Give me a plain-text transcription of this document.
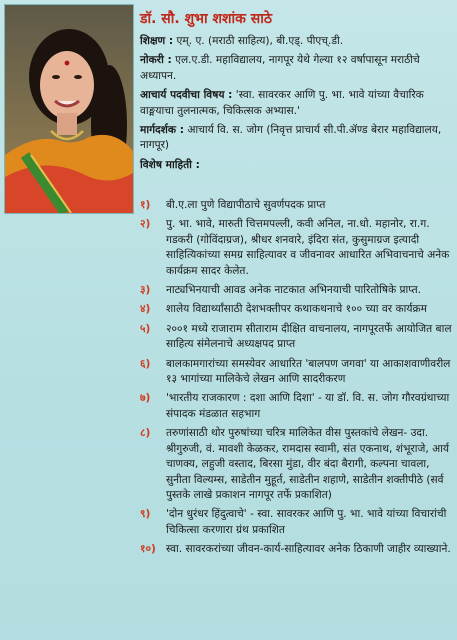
डॉ. सौ. शुभा शशांक साठे
शिक्षण : एम्. ए. (मराठी साहित्य), बी.एड्. पीएच्.डी.
नोकरी : एल.ए.डी. महाविद्यालय, नागपूर येथे गेल्या १२ वर्षापासून मराठीचे अध्यापन.
आचार्य पदवीचा विषय : 'स्वा. सावरकर आणि पु. भा. भावे यांच्या वैचारिक वाङ्मयाचा तुलनात्मक, चिकित्सक अभ्यास.'
मार्गदर्शक : आचार्य वि. स. जोग (निवृत्त प्राचार्य सी.पी.ॲण्ड बेरार महाविद्यालय, नागपूर)
विशेष माहिती :
१)	बी.ए.ला पुणे विद्यापीठाचे सुवर्णपदक प्राप्त
२)	पु. भा. भावे, मारुती चित्तमपल्ली, कवी अनिल, ना.धो. महानोर, रा.ग. गडकरी (गोविंदाग्रज), श्रीधर शनवारे, इंदिरा संत, कुसुमाग्रज इत्यादी साहित्यिकांच्या समग्र साहित्यावर व जीवनावर आधारित अभिवाचनाचे अनेक कार्यक्रम सादर केलेत.
३)	नाट्यभिनयाची आवड अनेक नाटकात अभिनयाची पारितोषिके प्राप्त.
४)	शालेय विद्यार्थ्यांसाठी देशभक्तीपर कथाकथनाचे १०० च्या वर कार्यक्रम
५)	२००१ मध्ये राजाराम सीताराम दीक्षित वाचनालय, नागपूरतर्फे आयोजित बाल साहित्य संमेलनाचे अध्यक्षपद प्राप्त
६)	बालकामगारांच्या समस्येवर आधारित 'बालपण जगवा' या आकाशवाणीवरील १३ भागांच्या मालिकेचे लेखन आणि सादरीकरण
७)	'भारतीय राजकारण : दशा आणि दिशा' - या डॉ. वि. स. जोग गौरवग्रंथाच्या संपादक मंडळात सहभाग
८)	तरुणांसाठी थोर पुरुषांच्या चरित्र मालिकेत वीस पुस्तकांचे लेखन- उदा. श्रीगुरुजी, वं. मावशी केळकर, रामदास स्वामी, संत एकनाथ, शंभूराजे, आर्य चाणक्य, लहुजी वस्ताद, बिरसा मुंडा, वीर बंदा बैरागी, कल्पना चावला, सुनीता विल्यम्स, साडेतीन मुहूर्त, साडेतीन शहाणे, साडेतीन शक्तीपीठे (सर्व पुस्तके लाखे प्रकाशन नागपूर तर्फे प्रकाशित)
९)	'दोन धुरंधर हिंदुत्वाचे' - स्वा. सावरकर आणि पु. भा. भावे यांच्या विचारांची चिकित्सा करणारा ग्रंथ प्रकाशित
१०) स्वा. सावरकरांच्या जीवन-कार्य-साहित्यावर अनेक ठिकाणी जाहीर व्याख्याने.
